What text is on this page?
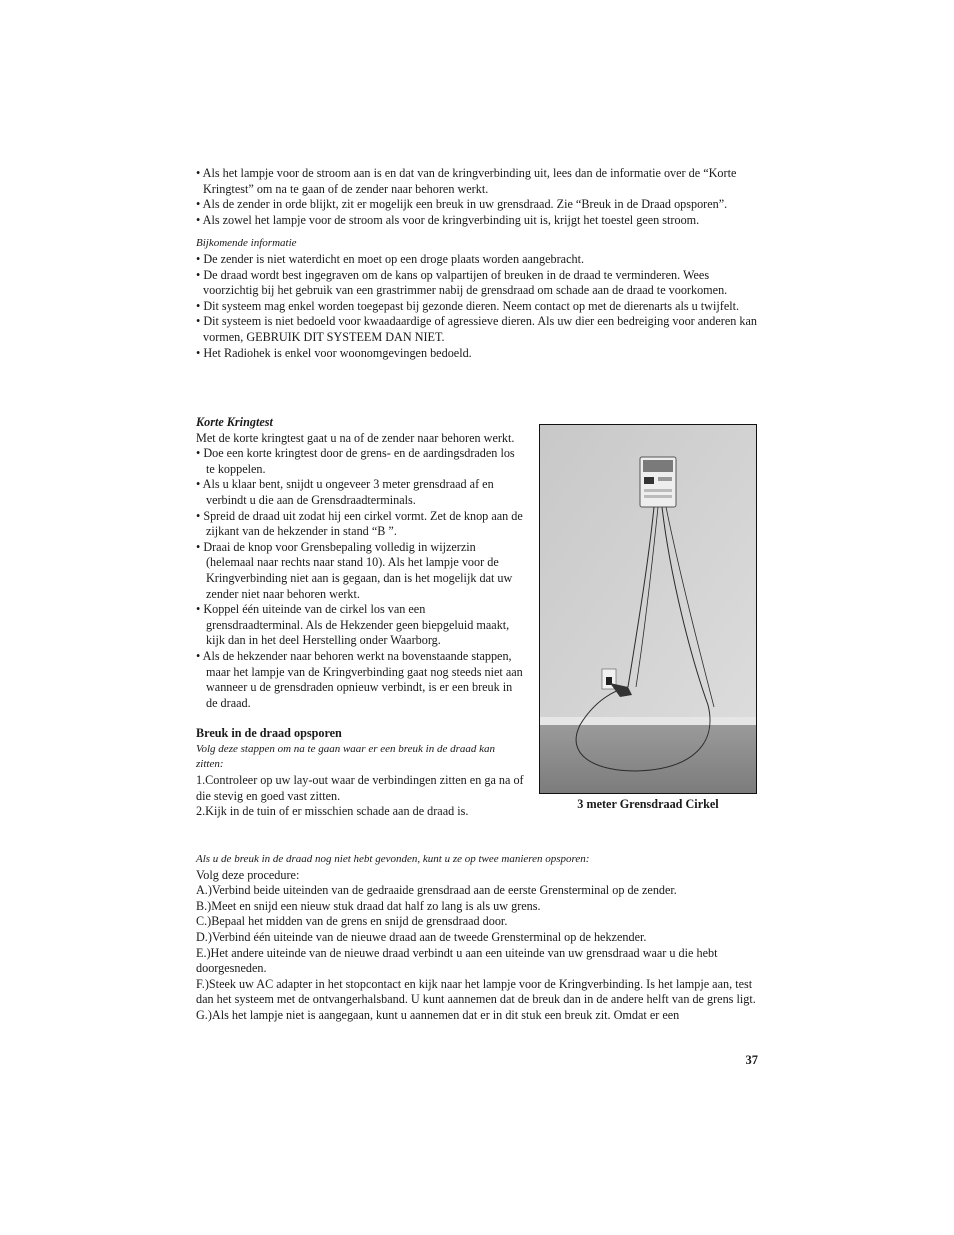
• Als het lampje voor de stroom aan is en dat van de kringverbinding uit, lees dan de informatie over de “Korte Kringtest” om na te gaan of de zender naar behoren werkt.

• Als de zender in orde blijkt, zit er mogelijk een breuk in uw grensdraad. Zie “Breuk in de Draad opsporen”.

• Als zowel het lampje voor de stroom als voor de kringverbinding uit is, krijgt het toestel geen stroom.

Bijkomende informatie

• De zender is niet waterdicht en moet op een droge plaats worden aangebracht.

• De draad wordt best ingegraven om de kans op valpartijen of breuken in de draad te verminderen. Wees voorzichtig bij het gebruik van een grastrimmer nabij de grensdraad om schade aan de draad te voorkomen.

• Dit systeem mag enkel worden toegepast bij gezonde dieren. Neem contact op met de dierenarts als u twijfelt.

• Dit systeem is niet bedoeld voor kwaadaardige of agressieve dieren. Als uw dier een bedreiging voor anderen kan vormen, GEBRUIK DIT SYSTEEM DAN NIET.

• Het Radiohek is enkel voor woonomgevingen bedoeld.

Korte Kringtest

Met de korte kringtest gaat u na of de zender naar behoren werkt.

• Doe een korte kringtest door de grens- en de aardingsdraden los te koppelen.

• Als u klaar bent, snijdt u ongeveer 3 meter grensdraad af en verbindt u die aan de Grensdraadterminals.

• Spreid de draad uit zodat hij een cirkel vormt. Zet de knop aan de zijkant van de hekzender in stand “B ”.

• Draai de knop voor Grensbepaling volledig in wijzerzin (helemaal naar rechts naar stand 10). Als het lampje voor de Kringverbinding niet aan is gegaan, dan is het mogelijk dat uw zender niet naar behoren werkt.

• Koppel één uiteinde van de cirkel los van een grensdraadterminal. Als de Hekzender geen biepgeluid maakt, kijk dan in het deel Herstelling onder Waarborg.

• Als de hekzender naar behoren werkt na bovenstaande stappen, maar het lampje van de Kringverbinding gaat nog steeds niet aan wanneer u de grensdraden opnieuw verbindt, is er een breuk in de draad.

Breuk in de draad opsporen

Volg deze stappen om na te gaan waar er een breuk in de draad kan zitten:

1.Controleer op uw lay-out waar de verbindingen zitten en ga na of die stevig en goed vast zitten.

2.Kijk in de tuin of er misschien schade aan de draad is.

3 meter Grensdraad Cirkel

Als u de breuk in de draad nog niet hebt gevonden, kunt u ze op twee manieren opsporen:

Volg deze procedure:

A.)Verbind beide uiteinden van de gedraaide grensdraad aan de eerste Grensterminal op de zender.

B.)Meet en snijd een nieuw stuk draad dat half zo lang is als uw grens.

C.)Bepaal het midden van de grens en snijd de grensdraad door.

D.)Verbind één uiteinde van de nieuwe draad aan de tweede Grensterminal op de hekzender.

E.)Het andere uiteinde van de nieuwe draad verbindt u aan een uiteinde van uw grensdraad waar u die hebt doorgesneden.

F.)Steek uw AC adapter in het stopcontact en kijk naar het lampje voor de Kringverbinding. Is het lampje aan, test dan het systeem met de ontvangerhalsband. U kunt aannemen dat de breuk dan in de andere helft van de grens ligt.

G.)Als het lampje niet is aangegaan, kunt u aannemen dat er in dit stuk een breuk zit. Omdat er een

37
